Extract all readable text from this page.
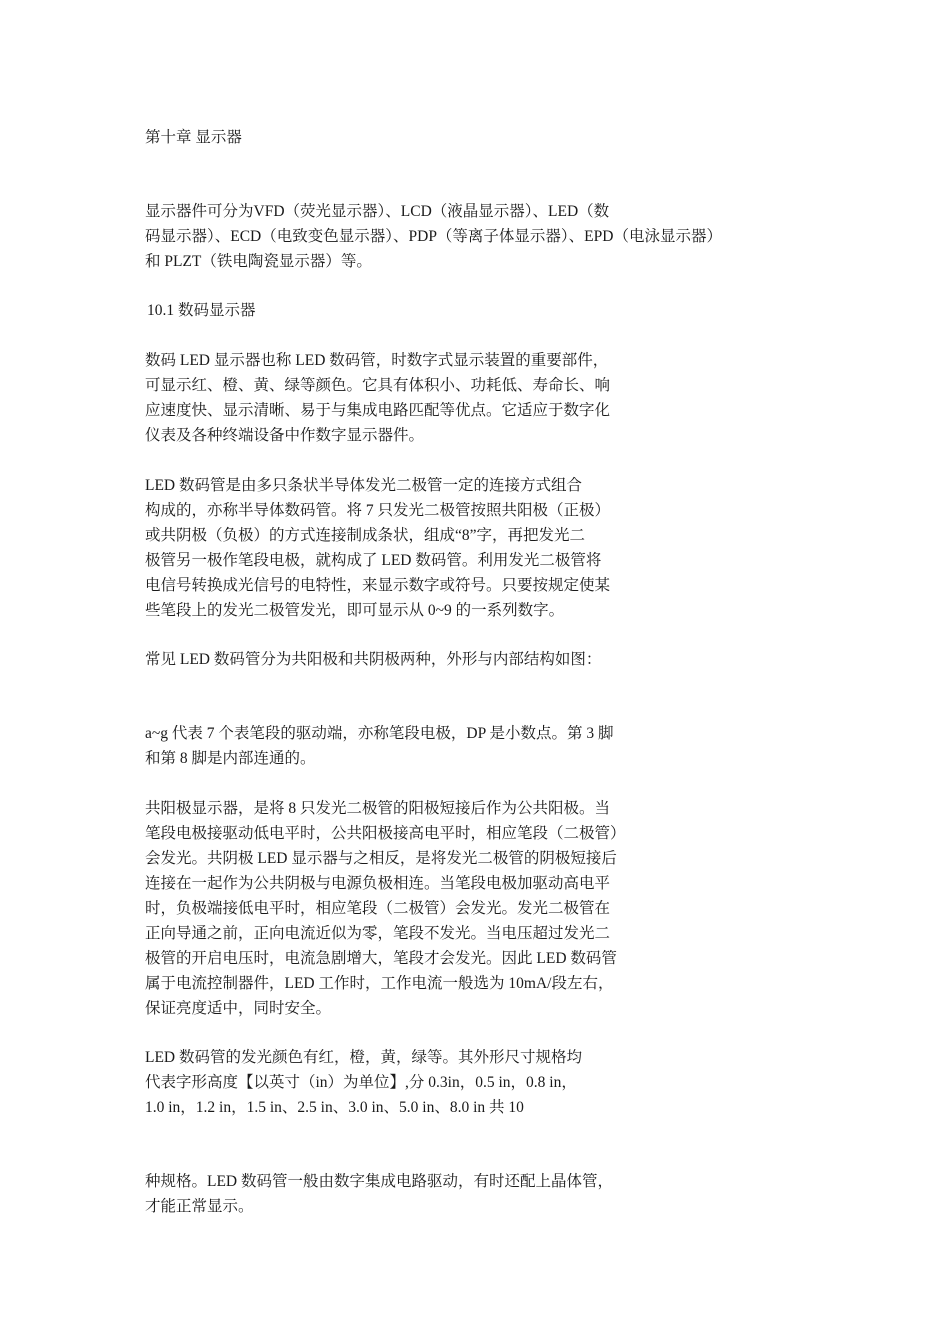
第十章 显示器
显示器件可分为VFD（荧光显示器）、LCD（液晶显示器）、LED（数
码显示器）、ECD（电致变色显示器）、PDP（等离子体显示器）、EPD（电泳显示器）
和 PLZT（铁电陶瓷显示器）等。
10.1 数码显示器
数码 LED 显示器也称 LED 数码管，时数字式显示装置的重要部件，
可显示红、橙、黄、绿等颜色。它具有体积小、功耗低、寿命长、响
应速度快、显示清晰、易于与集成电路匹配等优点。它适应于数字化
仪表及各种终端设备中作数字显示器件。
LED 数码管是由多只条状半导体发光二极管一定的连接方式组合
构成的，亦称半导体数码管。将 7 只发光二极管按照共阳极（正极）
或共阴极（负极）的方式连接制成条状，组成“8”字，再把发光二
极管另一极作笔段电极，就构成了 LED 数码管。利用发光二极管将
电信号转换成光信号的电特性，来显示数字或符号。只要按规定使某
些笔段上的发光二极管发光，即可显示从 0~9 的一系列数字。
常见 LED 数码管分为共阳极和共阴极两种，外形与内部结构如图：
a~g 代表 7 个表笔段的驱动端，亦称笔段电极，DP 是小数点。第 3 脚
和第 8 脚是内部连通的。
共阳极显示器，是将 8 只发光二极管的阳极短接后作为公共阳极。当
笔段电极接驱动低电平时，公共阳极接高电平时，相应笔段（二极管）
会发光。共阴极 LED 显示器与之相反，是将发光二极管的阴极短接后
连接在一起作为公共阴极与电源负极相连。当笔段电极加驱动高电平
时，负极端接低电平时，相应笔段（二极管）会发光。发光二极管在
正向导通之前，正向电流近似为零，笔段不发光。当电压超过发光二
极管的开启电压时，电流急剧增大，笔段才会发光。因此 LED 数码管
属于电流控制器件，LED 工作时，工作电流一般选为 10mA/段左右，
保证亮度适中，同时安全。
LED 数码管的发光颜色有红，橙，黄，绿等。其外形尺寸规格均
代表字形高度【以英寸（in）为单位】,分 0.3in，0.5 in，0.8 in，
1.0 in，1.2 in，1.5 in、2.5 in、3.0 in、5.0 in、8.0 in 共 10
种规格。LED 数码管一般由数字集成电路驱动，有时还配上晶体管，
才能正常显示。
